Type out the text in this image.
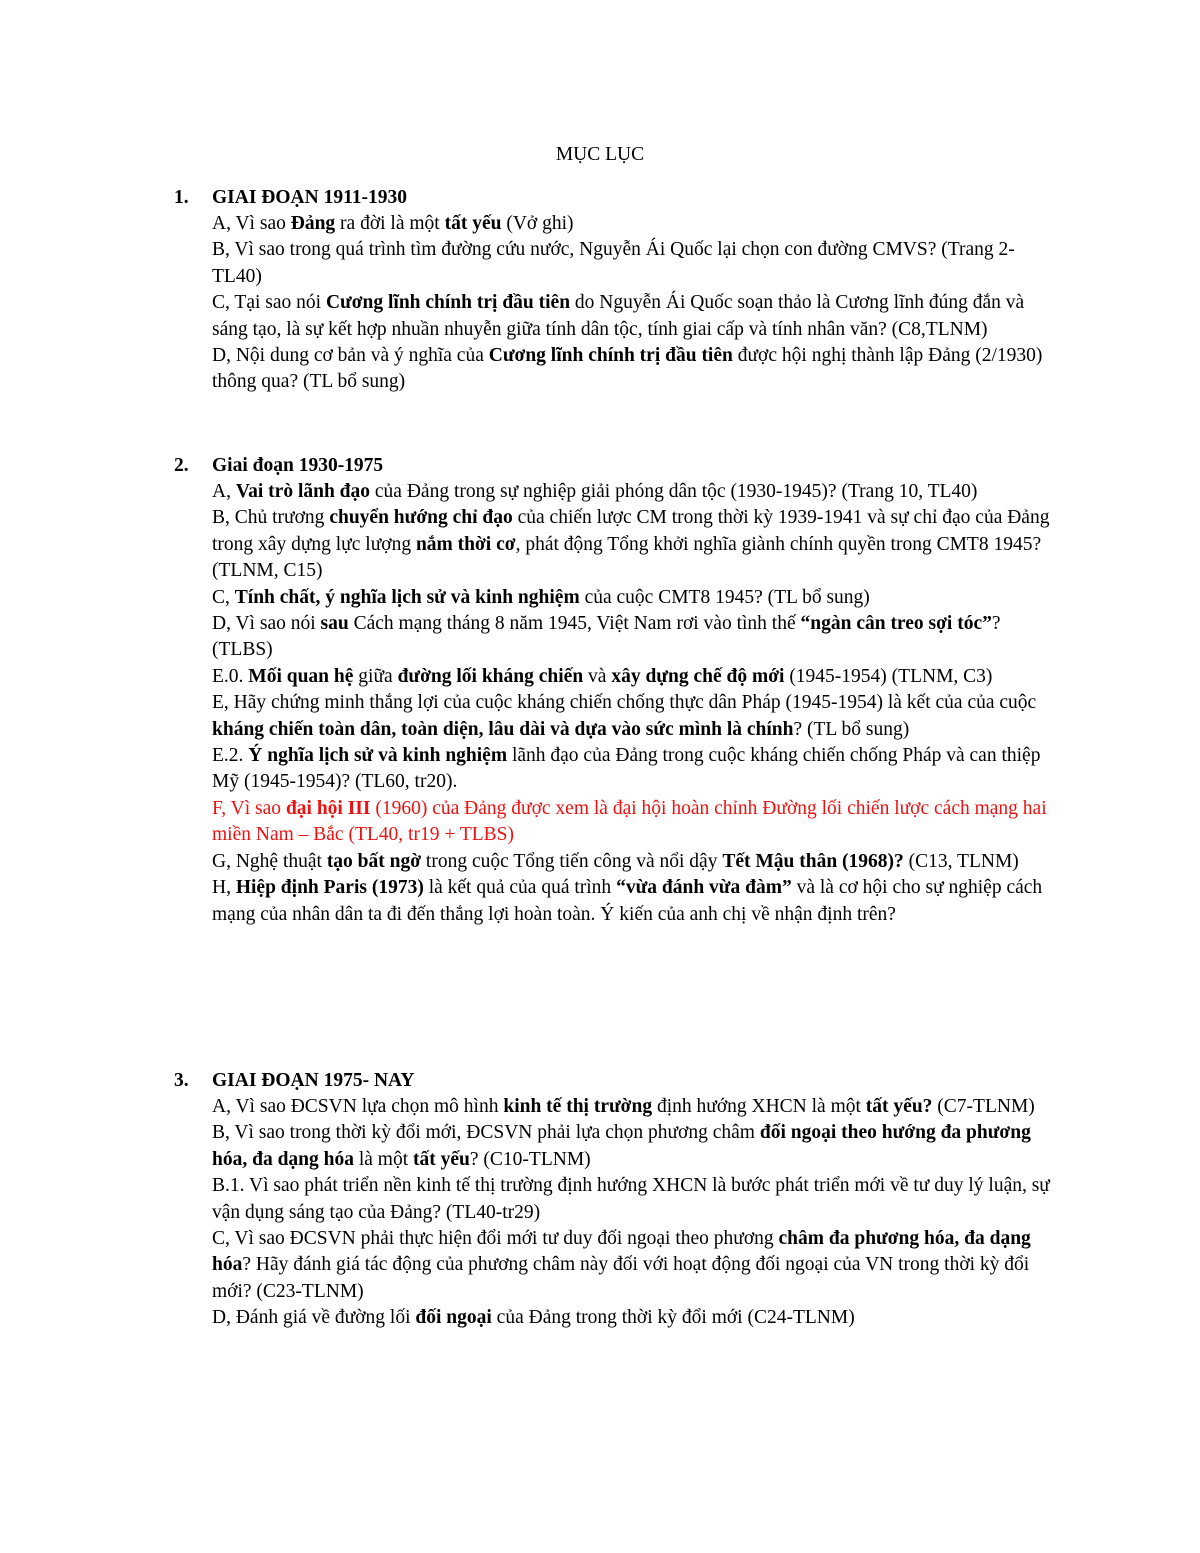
MỤC LỤC
1. GIAI ĐOẠN 1911-1930

A, Vì sao Đảng ra đời là một tất yếu (Vở ghi)

B, Vì sao trong quá trình tìm đường cứu nước, Nguyễn Ái Quốc lại chọn con đường CMVS? (Trang 2-TL40)

C, Tại sao nói Cương lĩnh chính trị đầu tiên do Nguyễn Ái Quốc soạn thảo là Cương lĩnh đúng đắn và sáng tạo, là sự kết hợp nhuần nhuyễn giữa tính dân tộc, tính giai cấp và tính nhân văn? (C8,TLNM)

D, Nội dung cơ bản và ý nghĩa của Cương lĩnh chính trị đầu tiên được hội nghị thành lập Đảng (2/1930) thông qua? (TL bổ sung)

2. Giai đoạn 1930-1975

A, Vai trò lãnh đạo của Đảng trong sự nghiệp giải phóng dân tộc (1930-1945)? (Trang 10, TL40)

B, Chủ trương chuyển hướng chỉ đạo của chiến lược CM trong thời kỳ 1939-1941 và sự chỉ đạo của Đảng trong xây dựng lực lượng nắm thời cơ, phát động Tổng khởi nghĩa giành chính quyền trong CMT8 1945? (TLNM, C15)

C, Tính chất, ý nghĩa lịch sử và kinh nghiệm của cuộc CMT8 1945? (TL bổ sung)

D, Vì sao nói sau Cách mạng tháng 8 năm 1945, Việt Nam rơi vào tình thế “ngàn cân treo sợi tóc”? (TLBS)

E.0. Mối quan hệ giữa đường lối kháng chiến và xây dựng chế độ mới (1945-1954) (TLNM, C3)

E, Hãy chứng minh thắng lợi của cuộc kháng chiến chống thực dân Pháp (1945-1954) là kết của của cuộc kháng chiến toàn dân, toàn diện, lâu dài và dựa vào sức mình là chính? (TL bổ sung)

E.2. Ý nghĩa lịch sử và kinh nghiệm lãnh đạo của Đảng trong cuộc kháng chiến chống Pháp và can thiệp Mỹ (1945-1954)? (TL60, tr20).

F, Vì sao đại hội III (1960) của Đảng được xem là đại hội hoàn chỉnh Đường lối chiến lược cách mạng hai miền Nam – Bắc (TL40, tr19 + TLBS)

G, Nghệ thuật tạo bất ngờ trong cuộc Tổng tiến công và nổi dậy Tết Mậu thân (1968)? (C13, TLNM)

H, Hiệp định Paris (1973) là kết quả của quá trình “vừa đánh vừa đàm” và là cơ hội cho sự nghiệp cách mạng của nhân dân ta đi đến thắng lợi hoàn toàn. Ý kiến của anh chị về nhận định trên?

3. GIAI ĐOẠN 1975- NAY

A, Vì sao ĐCSVN lựa chọn mô hình kinh tế thị trường định hướng XHCN là một tất yếu? (C7-TLNM)

B, Vì sao trong thời kỳ đổi mới, ĐCSVN phải lựa chọn phương châm đối ngoại theo hướng đa phương hóa, đa dạng hóa là một tất yếu? (C10-TLNM)

B.1. Vì sao phát triển nền kinh tế thị trường định hướng XHCN là bước phát triển mới về tư duy lý luận, sự vận dụng sáng tạo của Đảng? (TL40-tr29)

C, Vì sao ĐCSVN phải thực hiện đổi mới tư duy đối ngoại theo phương châm đa phương hóa, đa dạng hóa? Hãy đánh giá tác động của phương châm này đối với hoạt động đối ngoại của VN trong thời kỳ đổi mới? (C23-TLNM)

D, Đánh giá về đường lối đối ngoại của Đảng trong thời kỳ đổi mới (C24-TLNM)
